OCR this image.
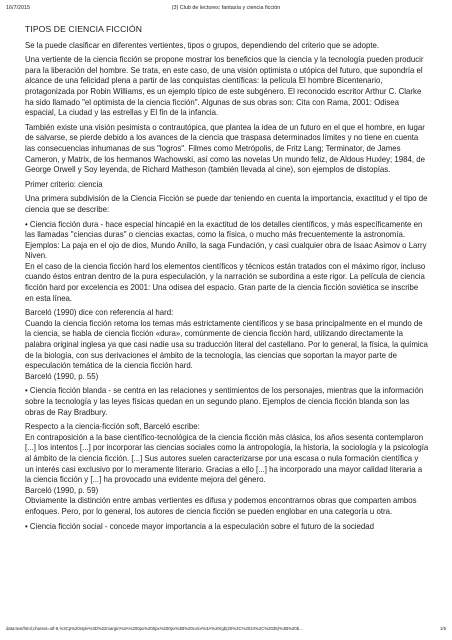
16/7/2015	(3) Club de lectores: fantasía y ciencia ficción
TIPOS DE CIENCIA FICCIÓN

Se la puede clasificar en diferentes vertientes, tipos o grupos, dependiendo del criterio que se adopte.

Una vertiente de la ciencia ficción se propone mostrar los beneficios que la ciencia y la tecnología pueden producir para la liberación del hombre. Se trata, en este caso, de una visión optimista o utópica del futuro, que supondría el alcance de una felicidad plena a partir de las conquistas científicas: la película El hombre Bicentenario, protagonizada por Robin Williams, es un ejemplo típico de este subgénero. El reconocido escritor Arthur C. Clarke ha sido llamado "el optimista de la ciencia ficción". Algunas de sus obras son: Cita con Rama, 2001: Odisea espacial, La ciudad y las estrellas y El fin de la infancia.

También existe una visión pesimista o contrautópica, que plantea la idea de un futuro en el que el hombre, en lugar de salvarse, se pierde debido a los avances de la ciencia que traspasa determinados límites y no tiene en cuenta las consecuencias inhumanas de sus "logros". Filmes como Metrópolis, de Fritz Lang; Terminator, de James Cameron, y Matrix, de los hermanos Wachowski, así como las novelas Un mundo feliz, de Aldous Huxley; 1984, de George Orwell y Soy leyenda, de Richard Matheson (también llevada al cine), son ejemplos de distopías.

Primer criterio: ciencia

Una primera subdivisión de la Ciencia Ficción se puede dar teniendo en cuenta la importancia, exactitud y el tipo de ciencia que se describe:

• Ciencia ficción dura - hace especial hincapié en la exactitud de los detalles científicos, y más específicamente en las llamadas "ciencias duras" o ciencias exactas, como la física, o mucho más frecuentemente la astronomía. Ejemplos: La paja en el ojo de dios, Mundo Anillo, la saga Fundación, y casi cualquier obra de Isaac Asimov o Larry Niven.
En el caso de la ciencia ficción hard los elementos científicos y técnicos están tratados con el máximo rigor, incluso cuando éstos entran dentro de la pura especulación, y la narración se subordina a este rigor. La película de ciencia ficción hard por excelencia es 2001: Una odisea del espacio. Gran parte de la ciencia ficción soviética se inscribe en esta línea.

Barceló (1990) dice con referencia al hard:
Cuando la ciencia ficción retoma los temas más estrictamente científicos y se basa principalmente en el mundo de la ciencia, se habla de ciencia ficción «dura», comúnmente de ciencia ficción hard, utilizando directamente la palabra original inglesa ya que casi nadie usa su traducción literal del castellano. Por lo general, la física, la química de la biología, con sus derivaciones el ámbito de la tecnología, las ciencias que soportan la mayor parte de especulación temática de la ciencia ficción hard.
Barceló (1990, p. 55)

• Ciencia ficción blanda - se centra en las relaciones y sentimientos de los personajes, mientras que la información sobre la tecnología y las leyes físicas quedan en un segundo plano. Ejemplos de ciencia ficción blanda son las obras de Ray Bradbury.

Respecto a la ciencia-ficción soft, Barceló escribe:
En contraposición a la base científico-tecnológica de la ciencia ficción más clásica, los años sesenta contemplaron [...] los intentos [...] por incorporar las ciencias sociales como la antropología, la historia, la sociología y la psicología al ámbito de la ciencia ficción. [...] Sus autores suelen caracterizarse por una escasa o nula formación científica y un interés casi exclusivo por lo meramente literario. Gracias a ello [...] ha incorporado una mayor calidad literaria a la ciencia ficción y [...] ha provocado una evidente mejora del género.
Barceló (1990, p. 59)
Obviamente la distinción entre ambas vertientes es difusa y podemos encontrarnos obras que comparten ambos enfoques. Pero, por lo general, los autores de ciencia ficción se pueden englobar en una categoría u otra.

• Ciencia ficción social - concede mayor importancia a la especulación sobre el futuro de la sociedad

data:text/html;charset=utf-8,%3Cp%20style%3D%22margin%3A%200px%200px%200px%3B%20color%3A%20rgb(20%2C%2024%2C%2035)%3B%20b...	1/5
